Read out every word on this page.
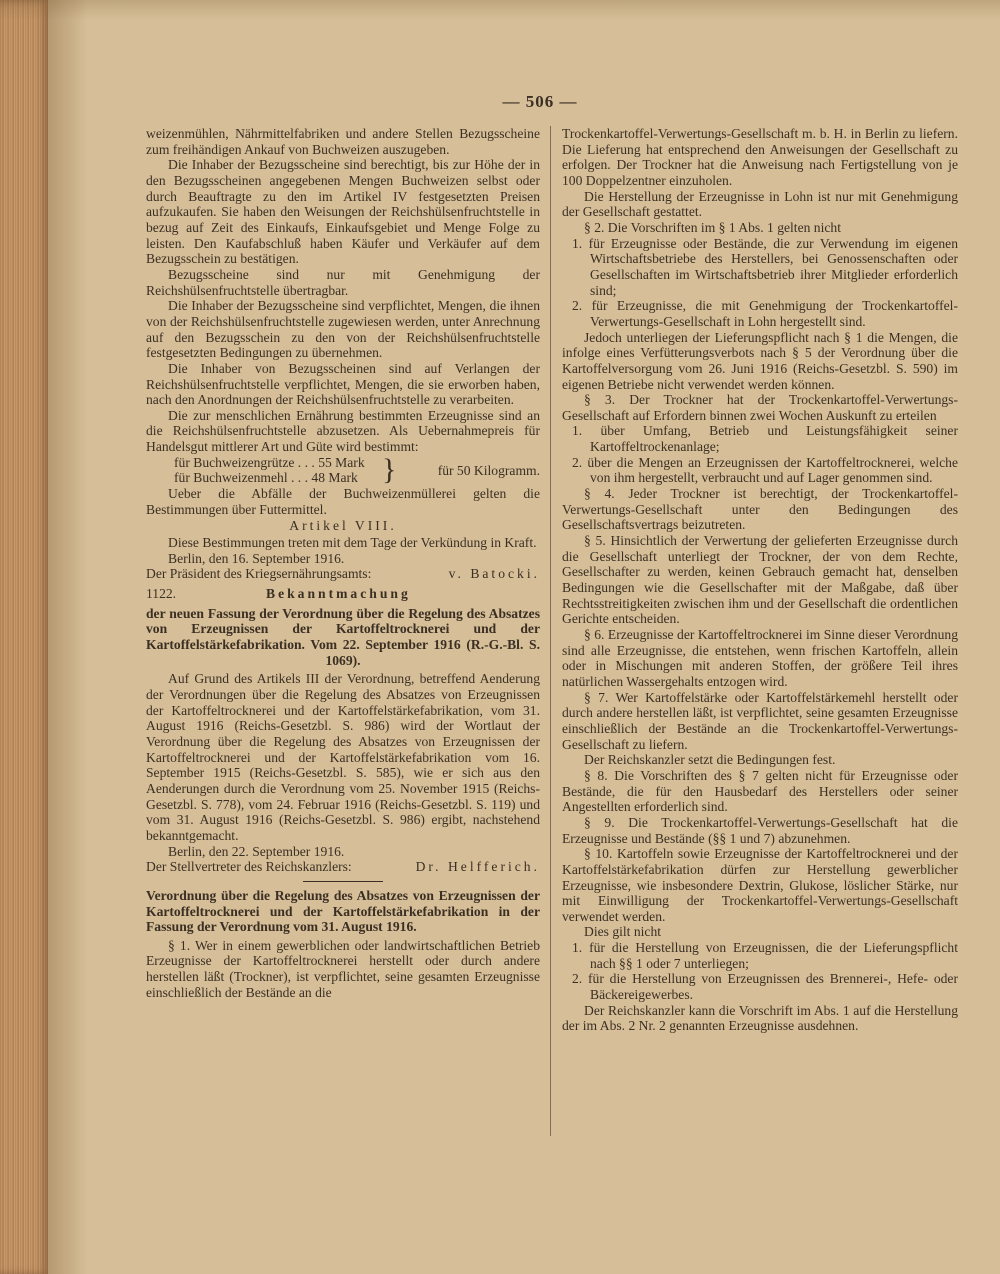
— 506 —

weizenmühlen, Nährmittelfabriken und andere Stellen Bezugsscheine zum freihändigen Ankauf von Buchweizen auszugeben.

Die Inhaber der Bezugsscheine sind berechtigt, bis zur Höhe der in den Bezugsscheinen angegebenen Mengen Buchweizen selbst oder durch Beauftragte zu den im Artikel IV festgesetzten Preisen aufzukaufen. Sie haben den Weisungen der Reichshülsenfruchtstelle in bezug auf Zeit des Einkaufs, Einkaufsgebiet und Menge Folge zu leisten. Den Kaufabschluß haben Käufer und Verkäufer auf dem Bezugsschein zu bestätigen.

Bezugsscheine sind nur mit Genehmigung der Reichshülsenfruchtstelle übertragbar.

Die Inhaber der Bezugsscheine sind verpflichtet, Mengen, die ihnen von der Reichshülsenfruchtstelle zugewiesen werden, unter Anrechnung auf den Bezugsschein zu den von der Reichshülsenfruchtstelle festgesetzten Bedingungen zu übernehmen.

Die Inhaber von Bezugsscheinen sind auf Verlangen der Reichshülsenfruchtstelle verpflichtet, Mengen, die sie erworben haben, nach den Anordnungen der Reichshülsenfruchtstelle zu verarbeiten.

Die zur menschlichen Ernährung bestimmten Erzeugnisse sind an die Reichshülsenfruchtstelle abzusetzen. Als Uebernahmepreis für Handelsgut mittlerer Art und Güte wird bestimmt:

für Buchweizengrütze . . . 55 Mark
für Buchweizenmehl . . . 48 Mark }	für 50 Kilogramm.

Ueber die Abfälle der Buchweizenmüllerei gelten die Bestimmungen über Futtermittel.

Artikel VIII.

Diese Bestimmungen treten mit dem Tage der Verkündung in Kraft.

Berlin, den 16. September 1916.

Der Präsident des Kriegsernährungsamts:	v. Batocki.
1122.	Bekanntmachung
der neuen Fassung der Verordnung über die Regelung des Absatzes von Erzeugnissen der Kartoffeltrocknerei und der Kartoffelstärkefabrikation. Vom 22. September 1916 (R.-G.-Bl. S. 1069).

Auf Grund des Artikels III der Verordnung, betreffend Aenderung der Verordnungen über die Regelung des Absatzes von Erzeugnissen der Kartoffeltrocknerei und der Kartoffelstärkefabrikation, vom 31. August 1916 (Reichs-Gesetzbl. S. 986) wird der Wortlaut der Verordnung über die Regelung des Absatzes von Erzeugnissen der Kartoffeltrocknerei und der Kartoffelstärkefabrikation vom 16. September 1915 (Reichs-Gesetzbl. S. 585), wie er sich aus den Aenderungen durch die Verordnung vom 25. November 1915 (Reichs-Gesetzbl. S. 778), vom 24. Februar 1916 (Reichs-Gesetzbl. S. 119) und vom 31. August 1916 (Reichs-Gesetzbl. S. 986) ergibt, nachstehend bekanntgemacht.

Berlin, den 22. September 1916.

Der Stellvertreter des Reichskanzlers:	Dr. Helfferich.
Verordnung über die Regelung des Absatzes von Erzeugnissen der Kartoffeltrocknerei und der Kartoffelstärkefabrikation in der Fassung der Verordnung vom 31. August 1916.

§ 1. Wer in einem gewerblichen oder landwirtschaftlichen Betrieb Erzeugnisse der Kartoffeltrocknerei herstellt oder durch andere herstellen läßt (Trockner), ist verpflichtet, seine gesamten Erzeugnisse einschließlich der Bestände an die

Trockenkartoffel-Verwertungs-Gesellschaft m. b. H. in Berlin zu liefern. Die Lieferung hat entsprechend den Anweisungen der Gesellschaft zu erfolgen. Der Trockner hat die Anweisung nach Fertigstellung von je 100 Doppelzentner einzuholen.

Die Herstellung der Erzeugnisse in Lohn ist nur mit Genehmigung der Gesellschaft gestattet.

§ 2. Die Vorschriften im § 1 Abs. 1 gelten nicht

1. für Erzeugnisse oder Bestände, die zur Verwendung im eigenen Wirtschaftsbetriebe des Herstellers, bei Genossenschaften oder Gesellschaften im Wirtschaftsbetrieb ihrer Mitglieder erforderlich sind;

2. für Erzeugnisse, die mit Genehmigung der Trockenkartoffel-Verwertungs-Gesellschaft in Lohn hergestellt sind.

Jedoch unterliegen der Lieferungspflicht nach § 1 die Mengen, die infolge eines Verfütterungsverbots nach § 5 der Verordnung über die Kartoffelversorgung vom 26. Juni 1916 (Reichs-Gesetzbl. S. 590) im eigenen Betriebe nicht verwendet werden können.

§ 3. Der Trockner hat der Trockenkartoffel-Verwertungs-Gesellschaft auf Erfordern binnen zwei Wochen Auskunft zu erteilen

1. über Umfang, Betrieb und Leistungsfähigkeit seiner Kartoffeltrockenanlage;

2. über die Mengen an Erzeugnissen der Kartoffeltrocknerei, welche von ihm hergestellt, verbraucht und auf Lager genommen sind.

§ 4. Jeder Trockner ist berechtigt, der Trockenkartoffel-Verwertungs-Gesellschaft unter den Bedingungen des Gesellschaftsvertrags beizutreten.

§ 5. Hinsichtlich der Verwertung der gelieferten Erzeugnisse durch die Gesellschaft unterliegt der Trockner, der von dem Rechte, Gesellschafter zu werden, keinen Gebrauch gemacht hat, denselben Bedingungen wie die Gesellschafter mit der Maßgabe, daß über Rechtsstreitigkeiten zwischen ihm und der Gesellschaft die ordentlichen Gerichte entscheiden.

§ 6. Erzeugnisse der Kartoffeltrocknerei im Sinne dieser Verordnung sind alle Erzeugnisse, die entstehen, wenn frischen Kartoffeln, allein oder in Mischungen mit anderen Stoffen, der größere Teil ihres natürlichen Wassergehalts entzogen wird.

§ 7. Wer Kartoffelstärke oder Kartoffelstärkemehl herstellt oder durch andere herstellen läßt, ist verpflichtet, seine gesamten Erzeugnisse einschließlich der Bestände an die Trockenkartoffel-Verwertungs-Gesellschaft zu liefern.

Der Reichskanzler setzt die Bedingungen fest.

§ 8. Die Vorschriften des § 7 gelten nicht für Erzeugnisse oder Bestände, die für den Hausbedarf des Herstellers oder seiner Angestellten erforderlich sind.

§ 9. Die Trockenkartoffel-Verwertungs-Gesellschaft hat die Erzeugnisse und Bestände (§§ 1 und 7) abzunehmen.

§ 10. Kartoffeln sowie Erzeugnisse der Kartoffeltrocknerei und der Kartoffelstärkefabrikation dürfen zur Herstellung gewerblicher Erzeugnisse, wie insbesondere Dextrin, Glukose, löslicher Stärke, nur mit Einwilligung der Trockenkartoffel-Verwertungs-Gesellschaft verwendet werden.

Dies gilt nicht

1. für die Herstellung von Erzeugnissen, die der Lieferungspflicht nach §§ 1 oder 7 unterliegen;

2. für die Herstellung von Erzeugnissen des Brennerei-, Hefe- oder Bäckereigewerbes.

Der Reichskanzler kann die Vorschrift im Abs. 1 auf die Herstellung der im Abs. 2 Nr. 2 genannten Erzeugnisse ausdehnen.
